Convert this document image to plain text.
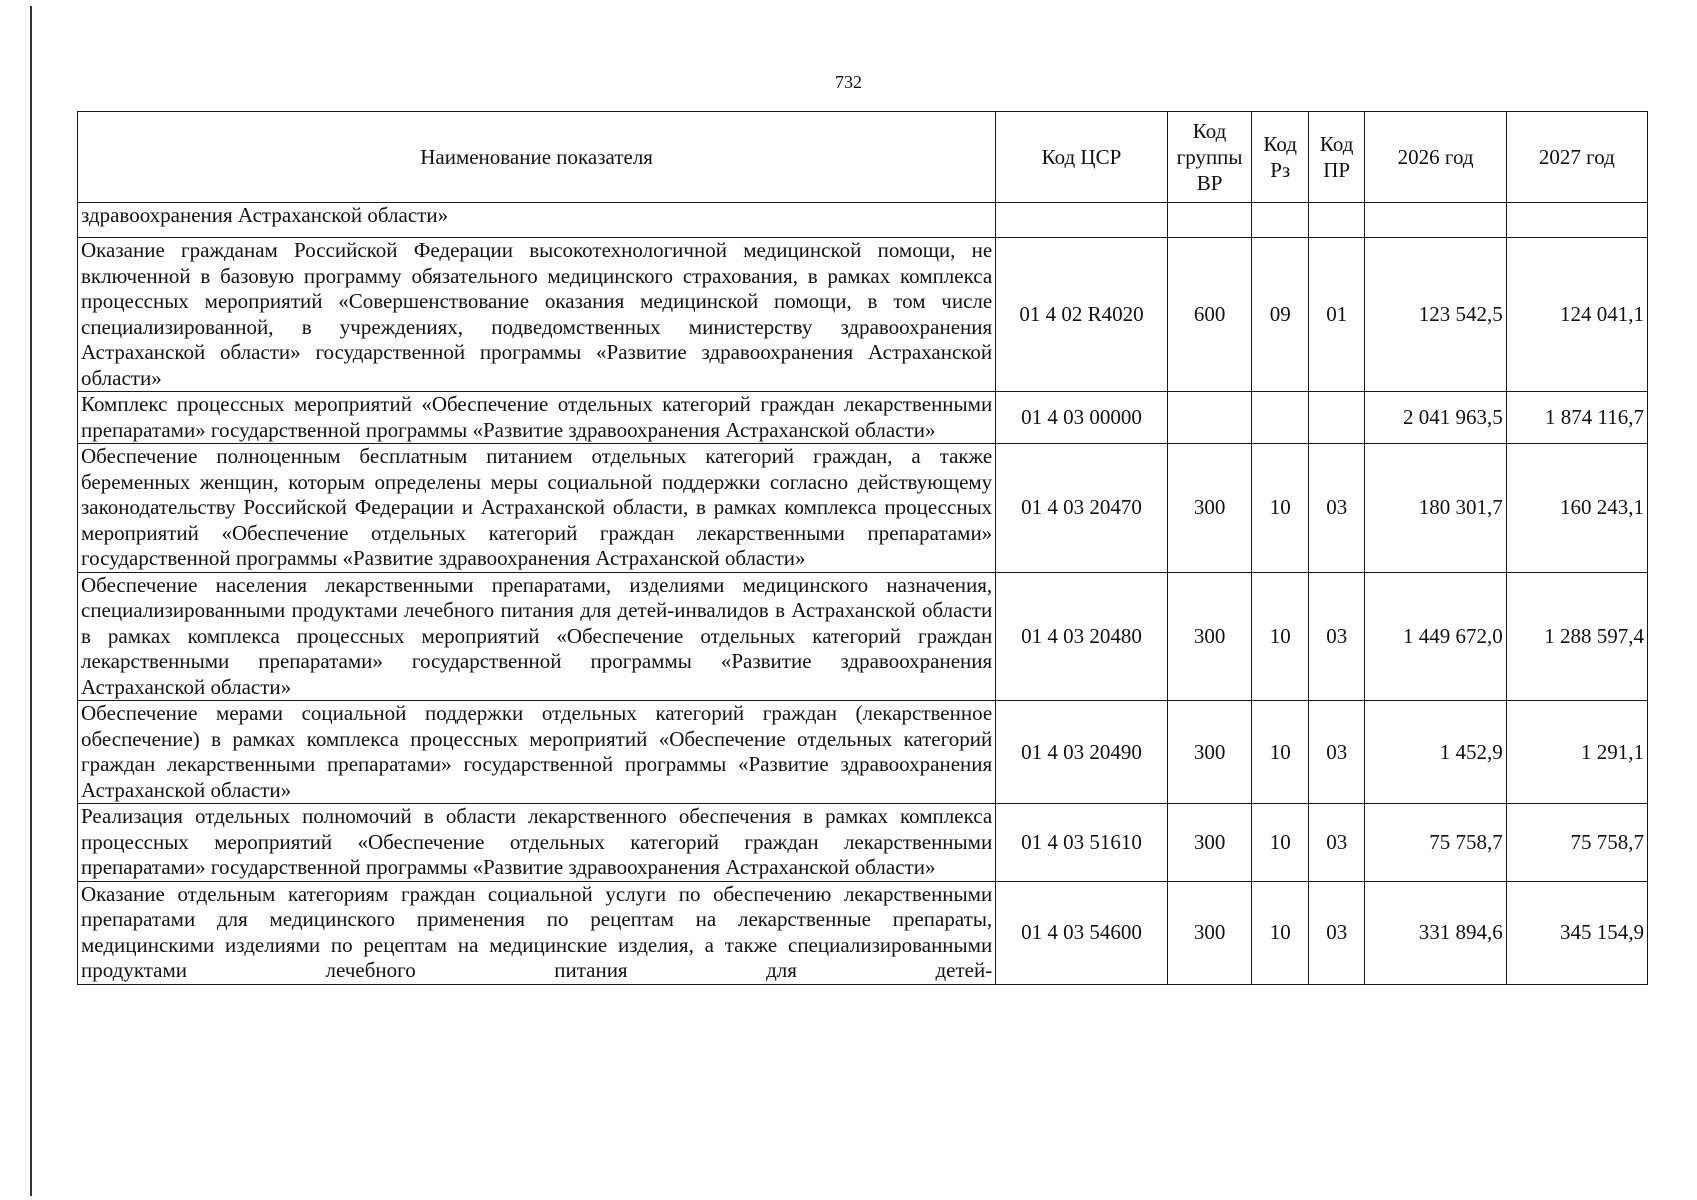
732
Наименование показателя	Код ЦСР	Код группы ВР	Код Рз	Код ПР	2026 год	2027 год
здравоохранения Астраханской области»						
Оказание гражданам Российской Федерации высокотехнологичной медицинской помощи, не включенной в базовую программу обязательного медицинского страхования, в рамках комплекса процессных мероприятий «Совершенствование оказания медицинской помощи, в том числе специализированной, в учреждениях, подведомственных министерству здравоохранения Астраханской области» государственной программы «Развитие здравоохранения Астраханской области»	01 4 02 R4020	600	09	01	123 542,5	124 041,1
Комплекс процессных мероприятий «Обеспечение отдельных категорий граждан лекарственными препаратами» государственной программы «Развитие здравоохранения Астраханской области»	01 4 03 00000				2 041 963,5	1 874 116,7
Обеспечение полноценным бесплатным питанием отдельных категорий граждан, а также беременных женщин, которым определены меры социальной поддержки согласно действующему законодательству Российской Федерации и Астраханской области, в рамках комплекса процессных мероприятий «Обеспечение отдельных категорий граждан лекарственными препаратами» государственной программы «Развитие здравоохранения Астраханской области»	01 4 03 20470	300	10	03	180 301,7	160 243,1
Обеспечение населения лекарственными препаратами, изделиями медицинского назначения, специализированными продуктами лечебного питания для детей-инвалидов в Астраханской области в рамках комплекса процессных мероприятий «Обеспечение отдельных категорий граждан лекарственными препаратами» государственной программы «Развитие здравоохранения Астраханской области»	01 4 03 20480	300	10	03	1 449 672,0	1 288 597,4
Обеспечение мерами социальной поддержки отдельных категорий граждан (лекарственное обеспечение) в рамках комплекса процессных мероприятий «Обеспечение отдельных категорий граждан лекарственными препаратами» государственной программы «Развитие здравоохранения Астраханской области»	01 4 03 20490	300	10	03	1 452,9	1 291,1
Реализация отдельных полномочий в области лекарственного обеспечения в рамках комплекса процессных мероприятий «Обеспечение отдельных категорий граждан лекарственными препаратами» государственной программы «Развитие здравоохранения Астраханской области»	01 4 03 51610	300	10	03	75 758,7	75 758,7
Оказание отдельным категориям граждан социальной услуги по обеспечению лекарственными препаратами для медицинского применения по рецептам на лекарственные препараты, медицинскими изделиями по рецептам на медицинские изделия, а также специализированными продуктами лечебного питания для детей-	01 4 03 54600	300	10	03	331 894,6	345 154,9
